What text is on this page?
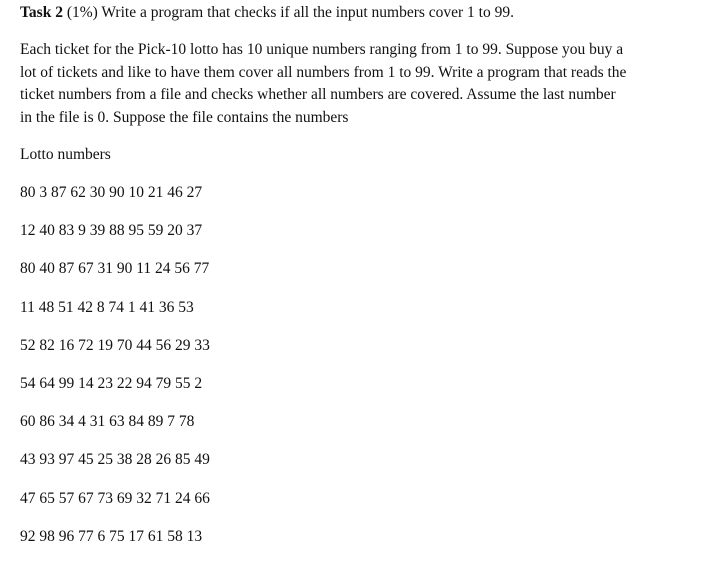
Task 2 (1%) Write a program that checks if all the input numbers cover 1 to 99.

Each ticket for the Pick-10 lotto has 10 unique numbers ranging from 1 to 99. Suppose you buy a
lot of tickets and like to have them cover all numbers from 1 to 99. Write a program that reads the
ticket numbers from a file and checks whether all numbers are covered. Assume the last number
in the file is 0. Suppose the file contains the numbers

Lotto numbers
80 3 87 62 30 90 10 21 46 27
12 40 83 9 39 88 95 59 20 37
80 40 87 67 31 90 11 24 56 77
11 48 51 42 8 74 1 41 36 53
52 82 16 72 19 70 44 56 29 33
54 64 99 14 23 22 94 79 55 2
60 86 34 4 31 63 84 89 7 78
43 93 97 45 25 38 28 26 85 49
47 65 57 67 73 69 32 71 24 66
92 98 96 77 6 75 17 61 58 13
